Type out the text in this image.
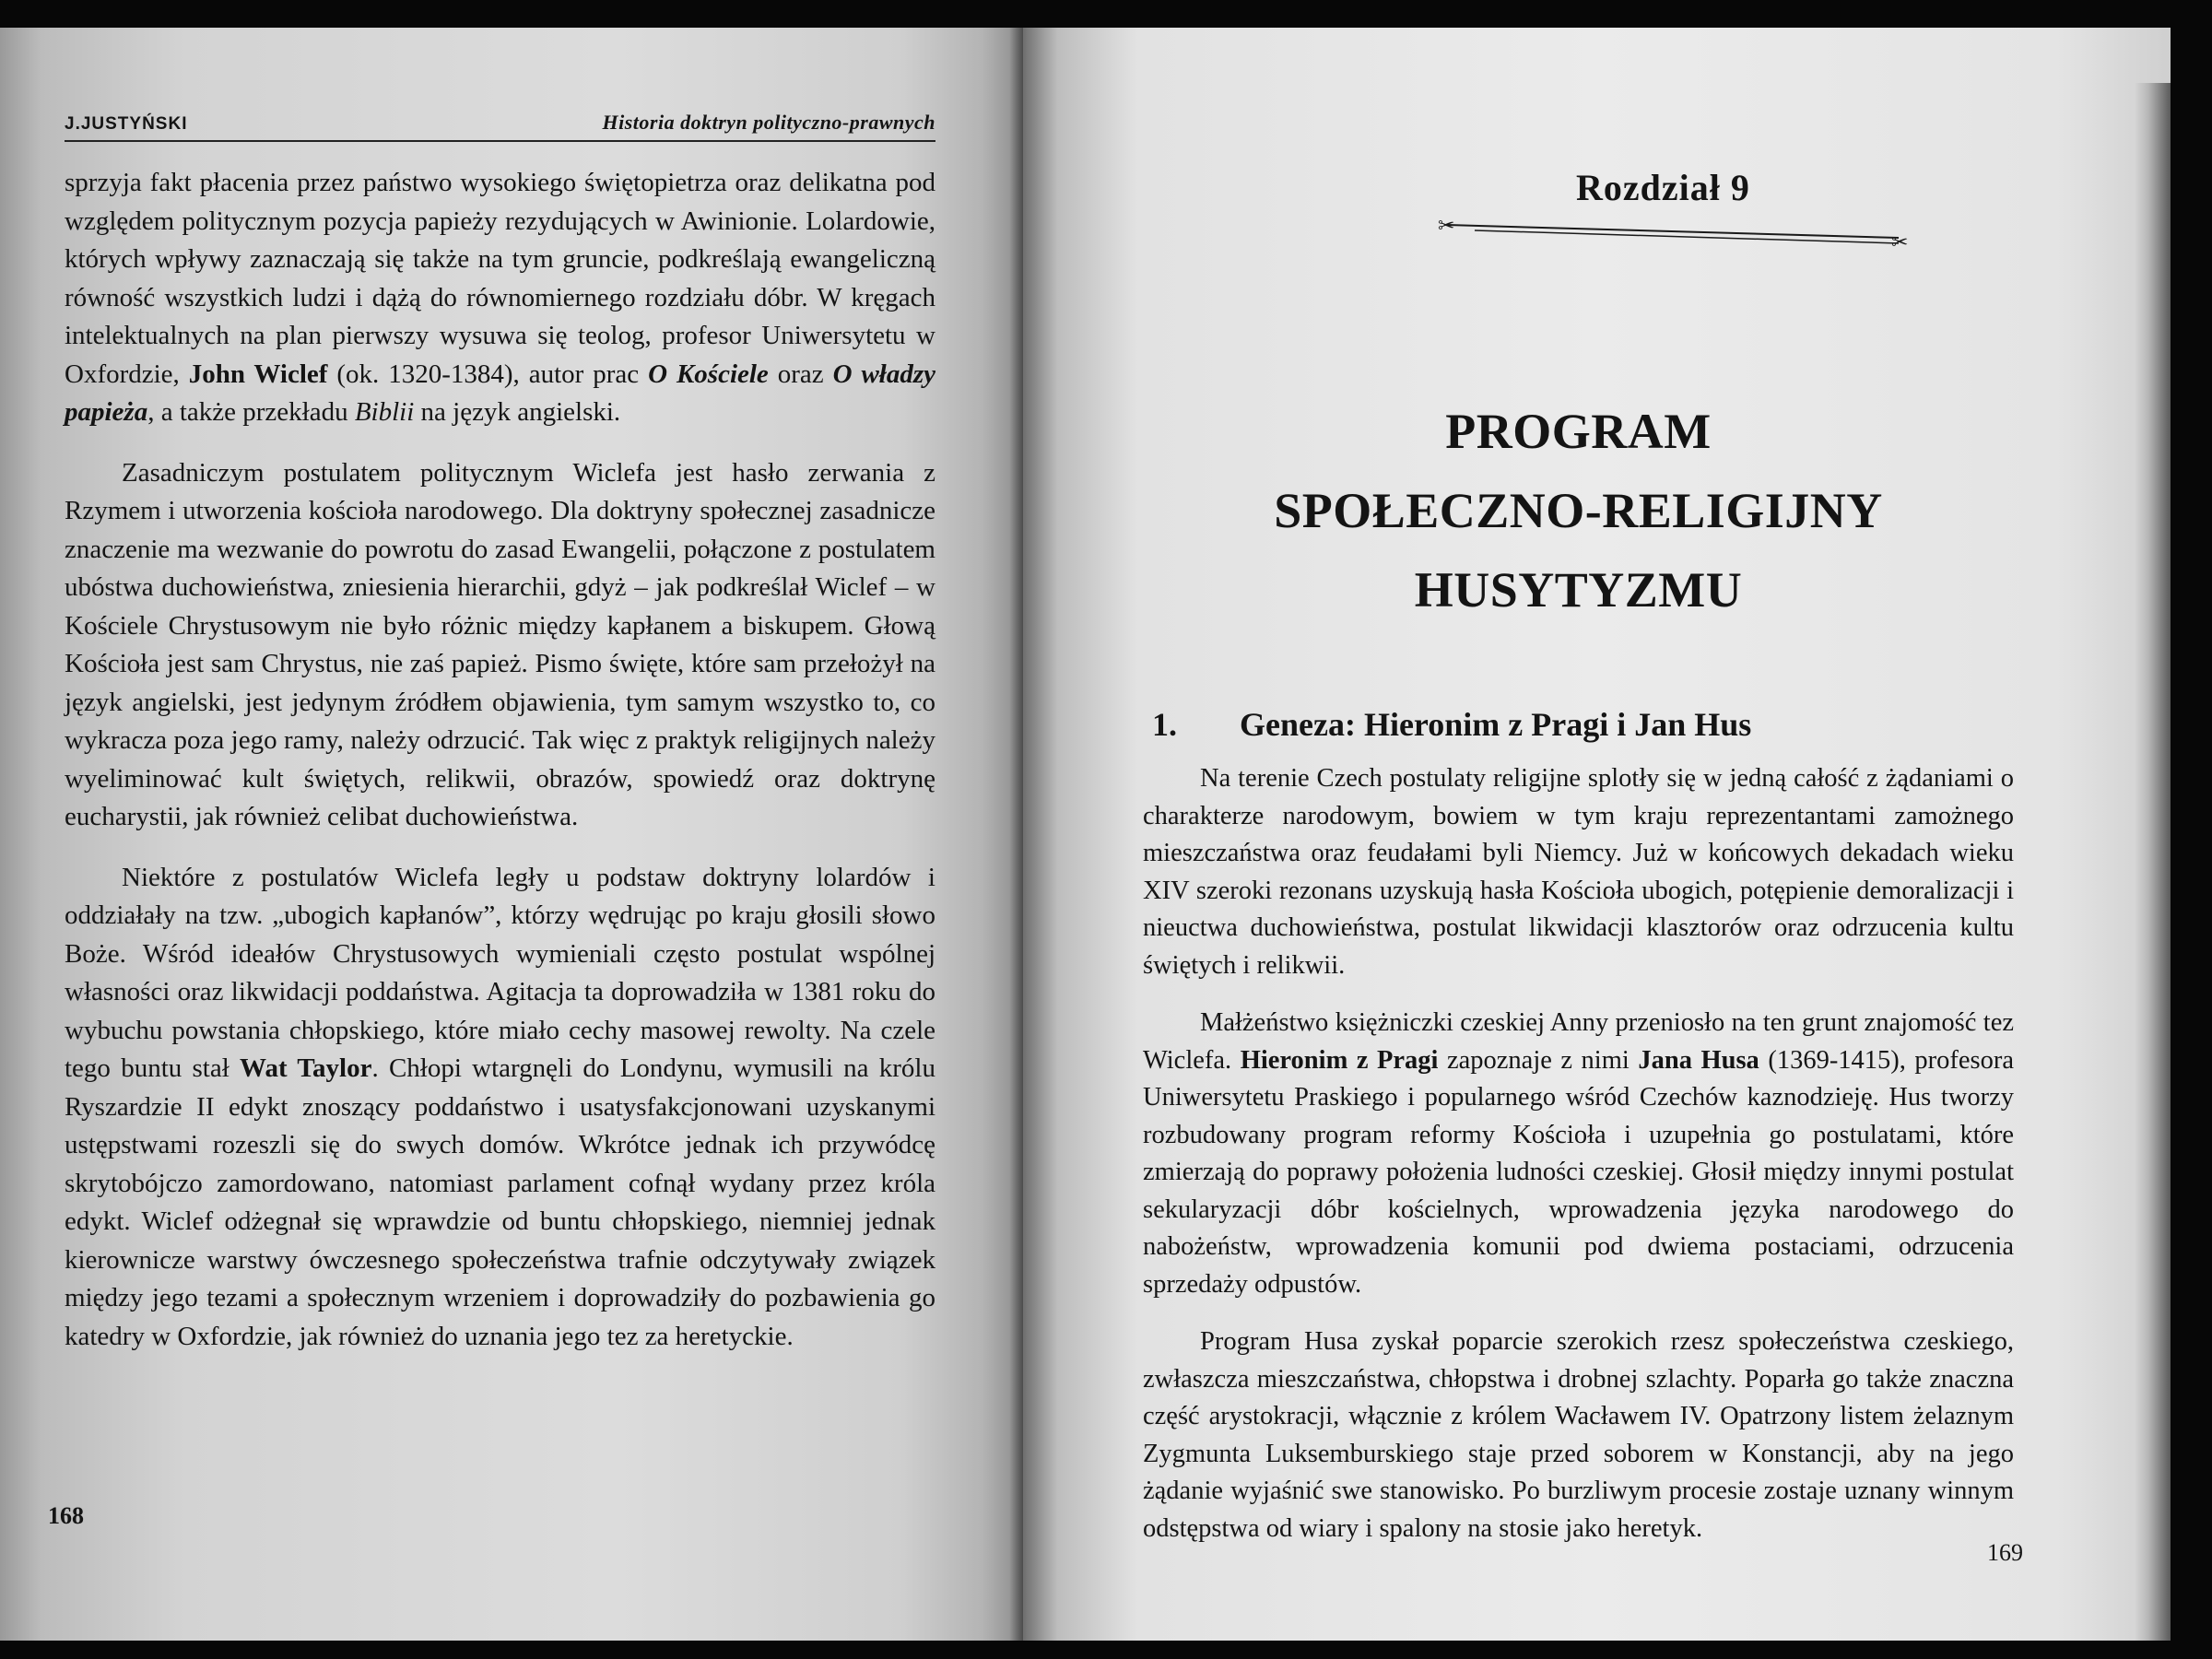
J.JUSTYŃSKI	Historia doktryn polityczno-prawnych

sprzyja fakt płacenia przez państwo wysokiego świętopietrza oraz delikatna pod względem politycznym pozycja papieży rezydujących w Awinionie. Lolardowie, których wpływy zaznaczają się także na tym gruncie, podkreślają ewangeliczną równość wszystkich ludzi i dążą do równomiernego rozdziału dóbr. W kręgach intelektualnych na plan pierwszy wysuwa się teolog, profesor Uniwersytetu w Oxfordzie, John Wiclef (ok. 1320-1384), autor prac O Kościele oraz O władzy papieża, a także przekładu Biblii na język angielski.

Zasadniczym postulatem politycznym Wiclefa jest hasło zerwania z Rzymem i utworzenia kościoła narodowego. Dla doktryny społecznej zasadnicze znaczenie ma wezwanie do powrotu do zasad Ewangelii, połączone z postulatem ubóstwa duchowieństwa, zniesienia hierarchii, gdyż – jak podkreślał Wiclef – w Kościele Chrystusowym nie było różnic między kapłanem a biskupem. Głową Kościoła jest sam Chrystus, nie zaś papież. Pismo święte, które sam przełożył na język angielski, jest jedynym źródłem objawienia, tym samym wszystko to, co wykracza poza jego ramy, należy odrzucić. Tak więc z praktyk religijnych należy wyeliminować kult świętych, relikwii, obrazów, spowiedź oraz doktrynę eucharystii, jak również celibat duchowieństwa.

Niektóre z postulatów Wiclefa legły u podstaw doktryny lolardów i oddziałały na tzw. „ubogich kapłanów”, którzy wędrując po kraju głosili słowo Boże. Wśród ideałów Chrystusowych wymieniali często postulat wspólnej własności oraz likwidacji poddaństwa. Agitacja ta doprowadziła w 1381 roku do wybuchu powstania chłopskiego, które miało cechy masowej rewolty. Na czele tego buntu stał Wat Taylor. Chłopi wtargnęli do Londynu, wymusili na królu Ryszardzie II edykt znoszący poddaństwo i usatysfakcjonowani uzyskanymi ustępstwami rozeszli się do swych domów. Wkrótce jednak ich przywódcę skrytobójczo zamordowano, natomiast parlament cofnął wydany przez króla edykt. Wiclef odżegnał się wprawdzie od buntu chłopskiego, niemniej jednak kierownicze warstwy ówczesnego społeczeństwa trafnie odczytywały związek między jego tezami a społecznym wrzeniem i doprowadziły do pozbawienia go katedry w Oxfordzie, jak również do uznania jego tez za heretyckie.

168
Rozdział 9
✂
✂
PROGRAM
SPOŁECZNO-RELIGIJNY HUSYTYZMU
1.	Geneza: Hieronim z Pragi i Jan Hus

Na terenie Czech postulaty religijne splotły się w jedną całość z żądaniami o charakterze narodowym, bowiem w tym kraju reprezentantami zamożnego mieszczaństwa oraz feudałami byli Niemcy. Już w końcowych dekadach wieku XIV szeroki rezonans uzyskują hasła Kościoła ubogich, potępienie demoralizacji i nieuctwa duchowieństwa, postulat likwidacji klasztorów oraz odrzucenia kultu świętych i relikwii.

Małżeństwo księżniczki czeskiej Anny przeniosło na ten grunt znajomość tez Wiclefa. Hieronim z Pragi zapoznaje z nimi Jana Husa (1369-1415), profesora Uniwersytetu Praskiego i popularnego wśród Czechów kaznodzieję. Hus tworzy rozbudowany program reformy Kościoła i uzupełnia go postulatami, które zmierzają do poprawy położenia ludności czeskiej. Głosił między innymi postulat sekularyzacji dóbr kościelnych, wprowadzenia języka narodowego do nabożeństw, wprowadzenia komunii pod dwiema postaciami, odrzucenia sprzedaży odpustów.

Program Husa zyskał poparcie szerokich rzesz społeczeństwa czeskiego, zwłaszcza mieszczaństwa, chłopstwa i drobnej szlachty. Poparła go także znaczna część arystokracji, włącznie z królem Wacławem IV. Opatrzony listem żelaznym Zygmunta Luksemburskiego staje przed soborem w Konstancji, aby na jego żądanie wyjaśnić swe stanowisko. Po burzliwym procesie zostaje uznany winnym odstępstwa od wiary i spalony na stosie jako heretyk.

169
